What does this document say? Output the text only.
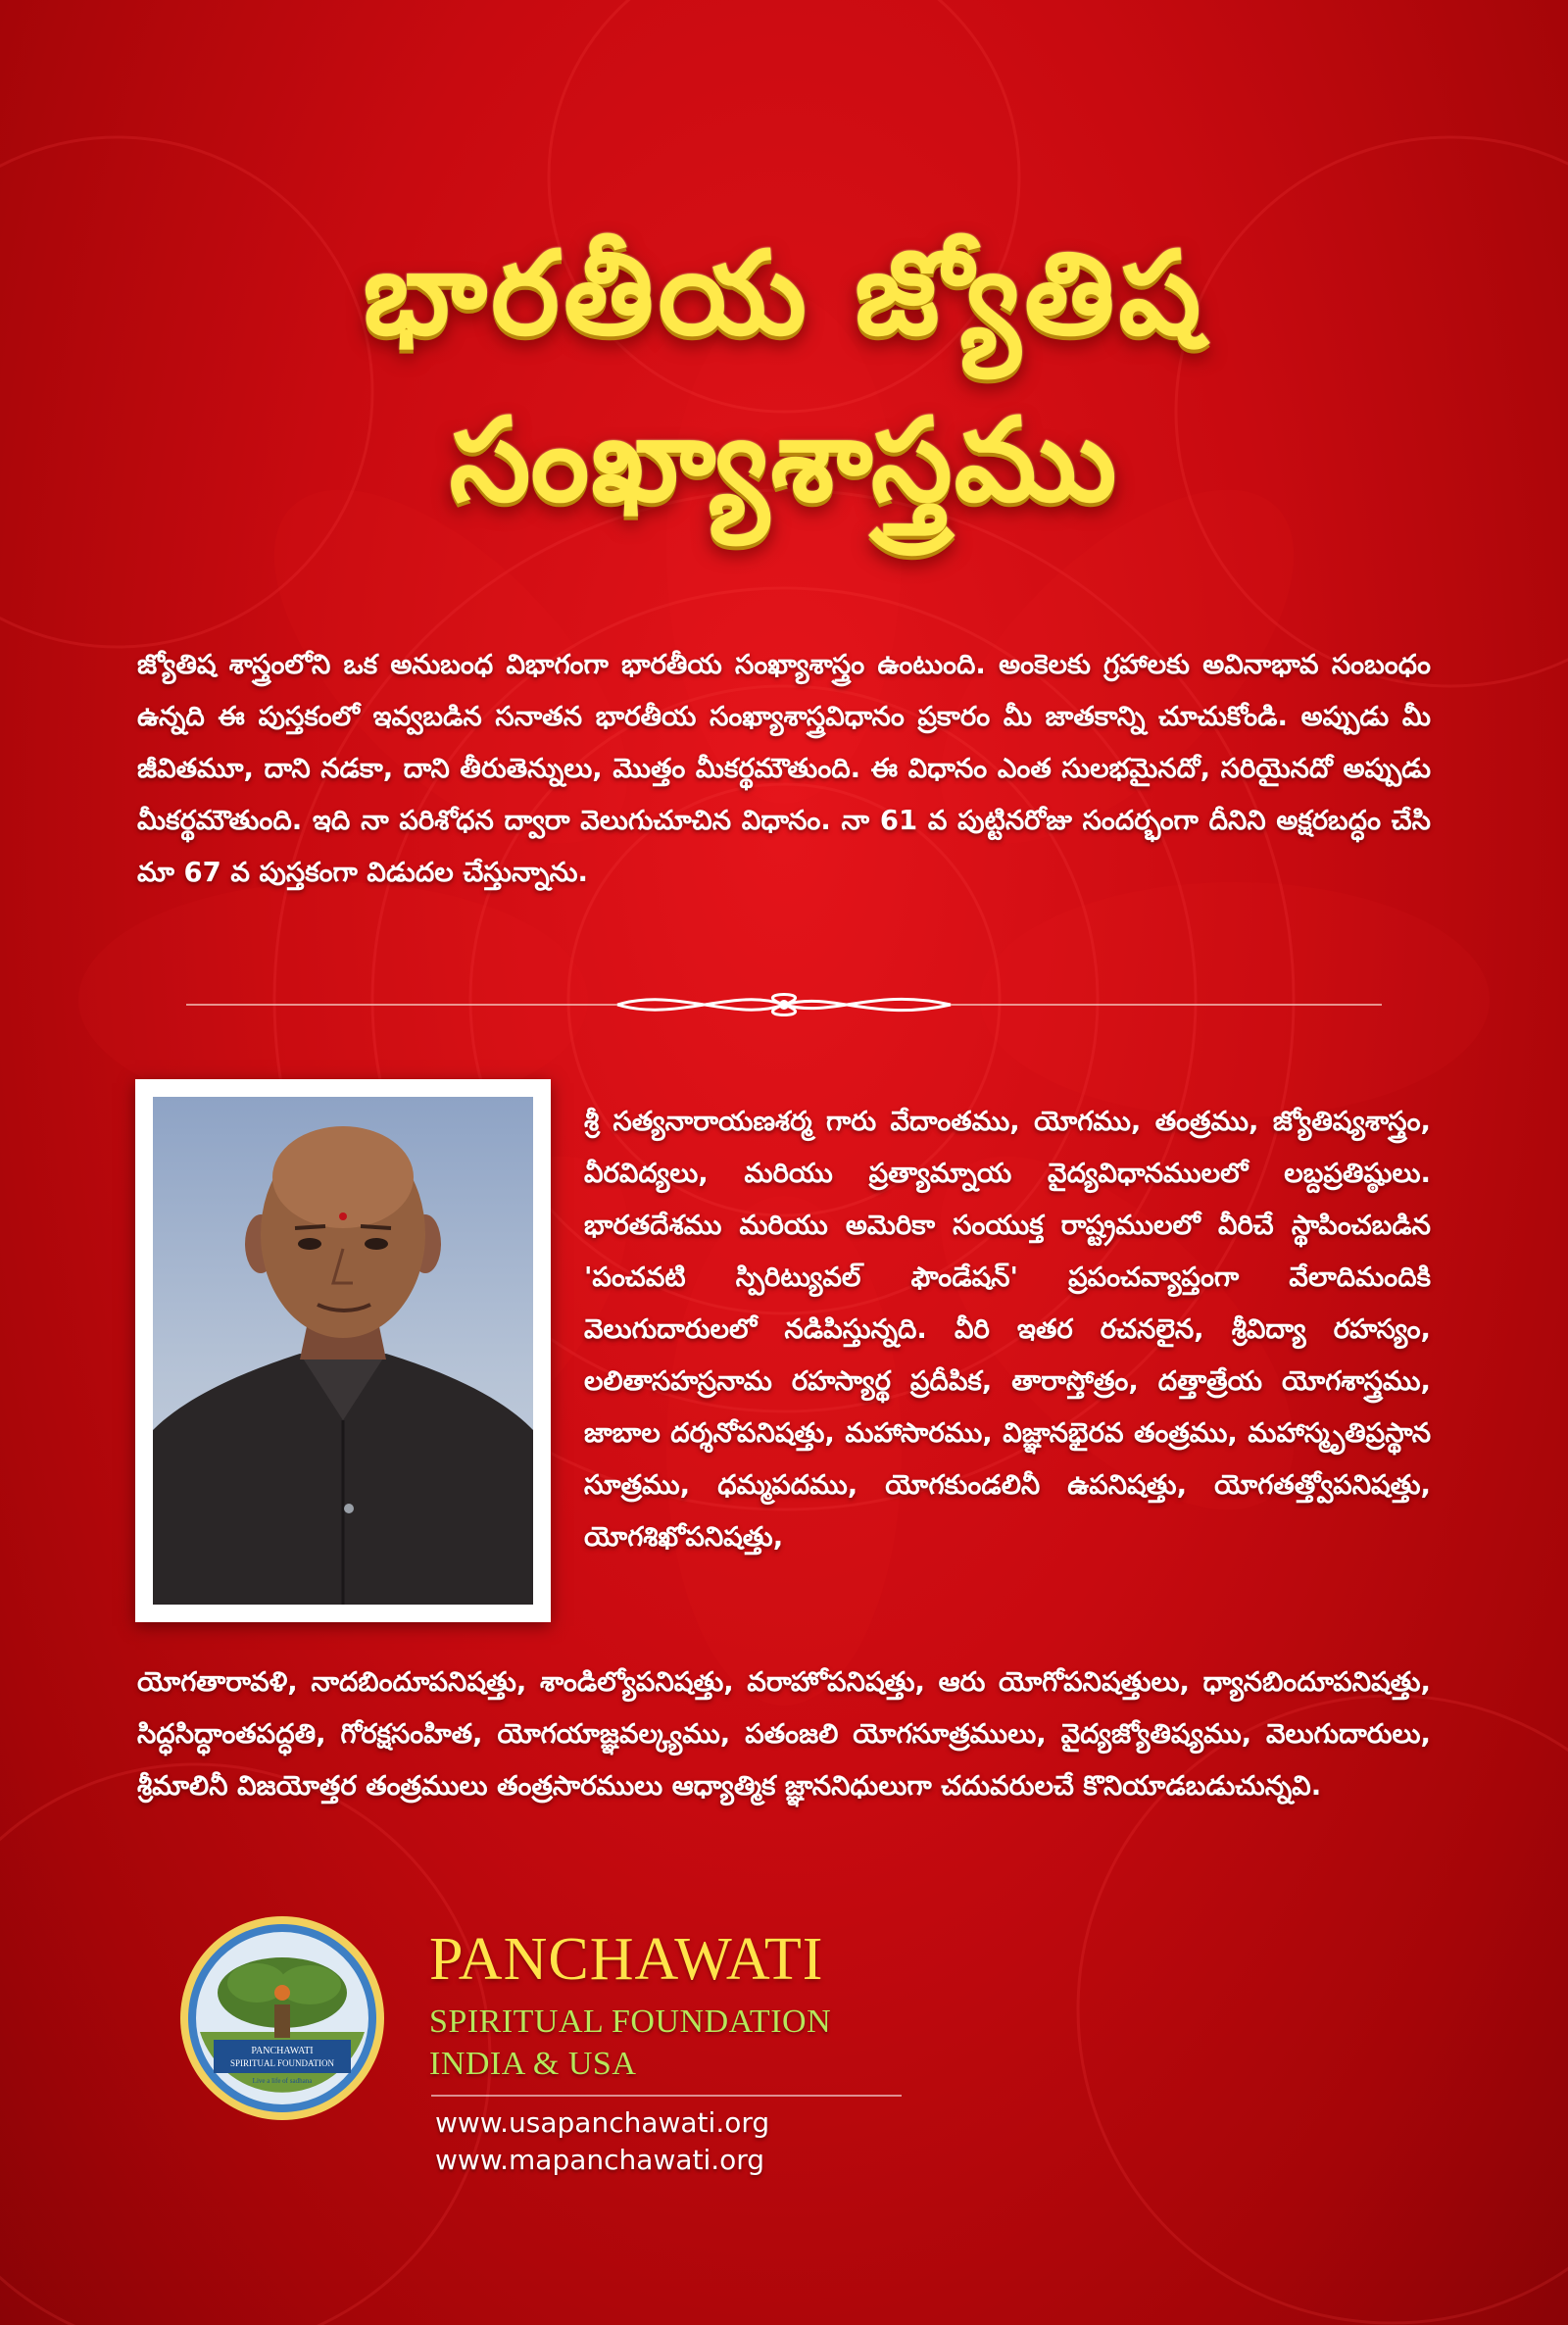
భారతీయ జ్యోతిష
సంఖ్యాశాస్త్రము
జ్యోతిష శాస్త్రంలోని ఒక అనుబంధ విభాగంగా భారతీయ సంఖ్యాశాస్త్రం ఉంటుంది. అంకెలకు గ్రహాలకు అవినాభావ సంబంధం ఉన్నది ఈ పుస్తకంలో ఇవ్వబడిన సనాతన భారతీయ సంఖ్యాశాస్త్రవిధానం ప్రకారం మీ జాతకాన్ని చూచుకోండి. అప్పుడు మీ జీవితమూ, దాని నడకా, దాని తీరుతెన్నులు, మొత్తం మీకర్థమౌతుంది. ఈ విధానం ఎంత సులభమైనదో, సరియైనదో అప్పుడు మీకర్థమౌతుంది. ఇది నా పరిశోధన ద్వారా వెలుగుచూచిన విధానం. నా 61 వ పుట్టినరోజు సందర్భంగా దీనిని అక్షరబద్ధం చేసి మా 67 వ పుస్తకంగా విడుదల చేస్తున్నాను.
శ్రీ సత్యనారాయణశర్మ గారు వేదాంతము, యోగము, తంత్రము, జ్యోతిష్యశాస్త్రం, వీరవిద్యలు, మరియు ప్రత్యామ్నాయ వైద్యవిధానములలో లబ్దప్రతిష్ఠులు. భారతదేశము మరియు అమెరికా సంయుక్త రాష్ట్రములలో వీరిచే స్థాపించబడిన 'పంచవటి స్పిరిట్యువల్ ఫౌండేషన్' ప్రపంచవ్యాప్తంగా వేలాదిమందికి వెలుగుదారులలో నడిపిస్తున్నది. వీరి ఇతర రచనలైన, శ్రీవిద్యా రహస్యం, లలితాసహస్రనామ రహస్యార్థ ప్రదీపిక, తారాస్తోత్రం, దత్తాత్రేయ యోగశాస్త్రము, జాబాల దర్శనోపనిషత్తు, మహాసారము, విజ్ఞానభైరవ తంత్రము, మహాస్మృతిప్రస్థాన సూత్రము, ధమ్మపదము, యోగకుండలినీ ఉపనిషత్తు, యోగతత్త్వోపనిషత్తు, యోగశిఖోపనిషత్తు,
యోగతారావళి, నాదబిందూపనిషత్తు, శాండిల్యోపనిషత్తు, వరాహోపనిషత్తు, ఆరు యోగోపనిషత్తులు, ధ్యానబిందూపనిషత్తు, సిద్ధసిద్ధాంతపద్ధతి, గోరక్షసంహిత, యోగయాజ్ఞవల్క్యము, పతంజలి యోగసూత్రములు, వైద్యజ్యోతిష్యము, వెలుగుదారులు, శ్రీమాలినీ విజయోత్తర తంత్రములు తంత్రసారములు ఆధ్యాత్మిక జ్ఞాననిధులుగా చదువరులచే కొనియాడబడుచున్నవి.
PANCHAWATI
SPIRITUAL FOUNDATION
Live a life of sadhana
PANCHAWATI
SPIRITUAL FOUNDATION
INDIA & USA
www.usapanchawati.org
www.mapanchawati.org
